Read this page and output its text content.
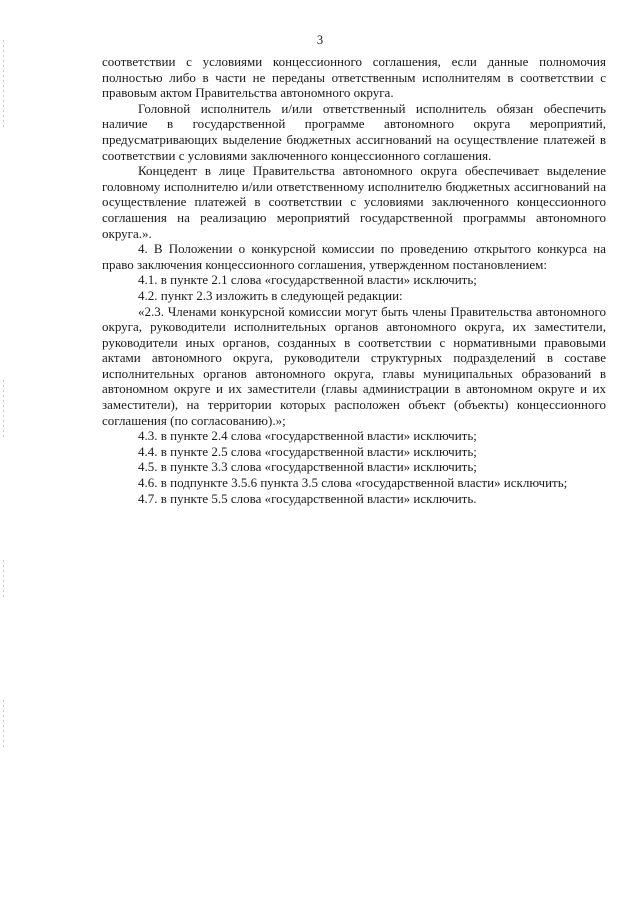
3

соответствии с условиями концессионного соглашения, если данные полномочия полностью либо в части не переданы ответственным исполнителям в соответствии с правовым актом Правительства автономного округа.

Головной исполнитель и/или ответственный исполнитель обязан обеспечить наличие в государственной программе автономного округа мероприятий, предусматривающих выделение бюджетных ассигнований на осуществление платежей в соответствии с условиями заключенного концессионного соглашения.

Концедент в лице Правительства автономного округа обеспечивает выделение головному исполнителю и/или ответственному исполнителю бюджетных ассигнований на осуществление платежей в соответствии с условиями заключенного концессионного соглашения на реализацию мероприятий государственной программы автономного округа.».

4. В Положении о конкурсной комиссии по проведению открытого конкурса на право заключения концессионного соглашения, утвержденном постановлением:

4.1. в пункте 2.1 слова «государственной власти» исключить;

4.2. пункт 2.3 изложить в следующей редакции:

«2.3. Членами конкурсной комиссии могут быть члены Правительства автономного округа, руководители исполнительных органов автономного округа, их заместители, руководители иных органов, созданных в соответствии с нормативными правовыми актами автономного округа, руководители структурных подразделений в составе исполнительных органов автономного округа, главы муниципальных образований в автономном округе и их заместители (главы администрации в автономном округе и их заместители), на территории которых расположен объект (объекты) концессионного соглашения (по согласованию).»;

4.3. в пункте 2.4 слова «государственной власти» исключить;

4.4. в пункте 2.5 слова «государственной власти» исключить;

4.5. в пункте 3.3 слова «государственной власти» исключить;

4.6. в подпункте 3.5.6 пункта 3.5 слова «государственной власти» исключить;

4.7. в пункте 5.5 слова «государственной власти» исключить.
